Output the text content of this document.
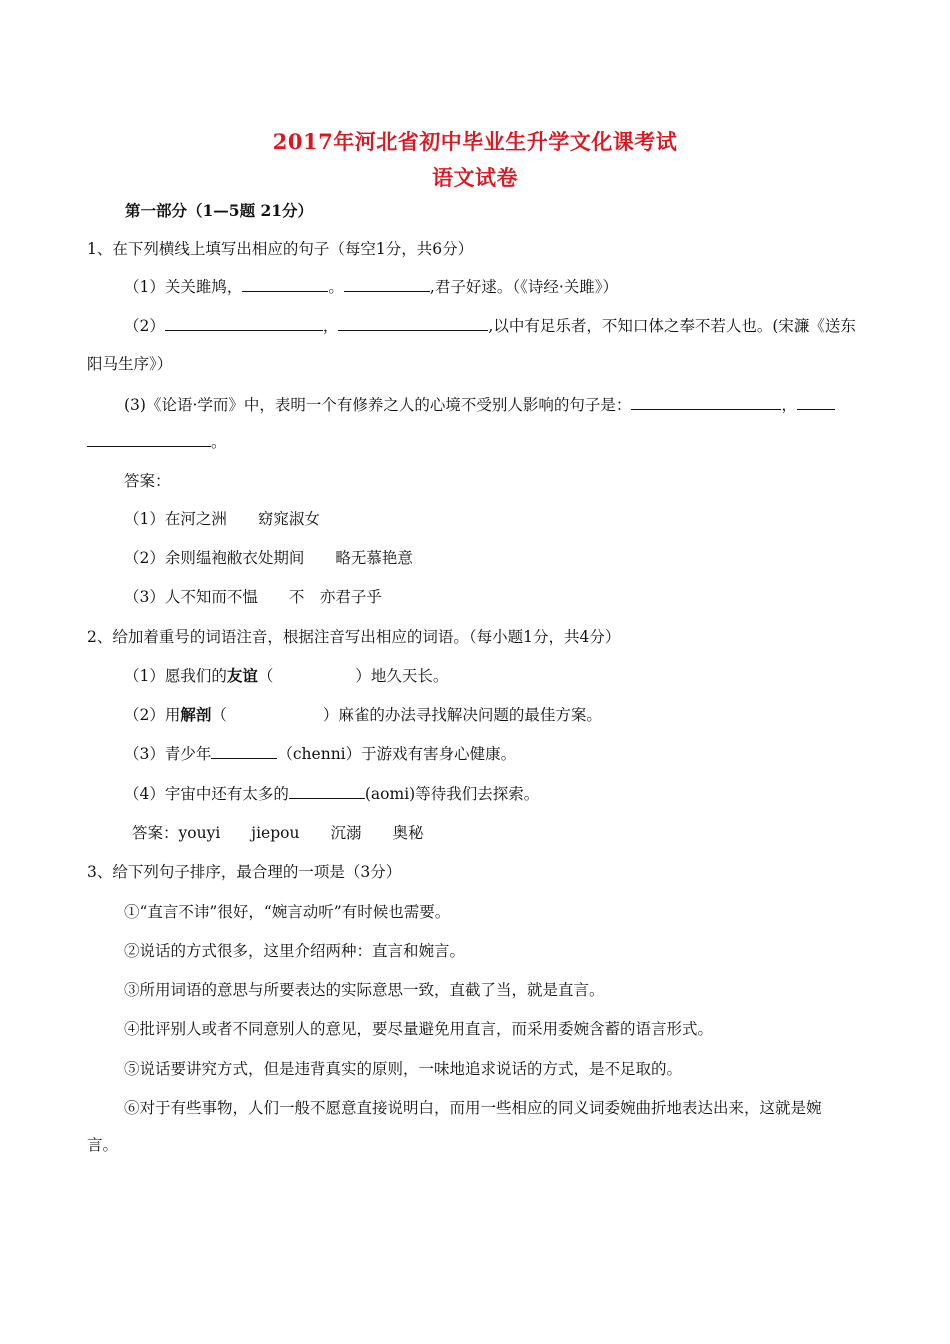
2017年河北省初中毕业生升学文化课考试
语文试卷
第一部分（1—5题 21分）
1、在下列横线上填写出相应的句子（每空1分，共6分）
（1）关关雎鸠，	。	,君子好逑。（《诗经·关雎》）
（2）	，	,以中有足乐者，不知口体之奉不若人也。(宋濂《送东
阳马生序》）
(3)《论语·学而》中，表明一个有修养之人的心境不受别人影响的句子是：	，
。
答案：
（1）在河之洲　　窈窕淑女
（2）余则缊袍敝衣处期间　　略无慕艳意
（3）人不知而不愠　　不　亦君子乎
2、给加着重号的词语注音，根据注音写出相应的词语。（每小题1分，共4分）
（1）愿我们的友谊（	）地久天长。
（2）用解剖（	）麻雀的办法寻找解决问题的最佳方案。
（3）青少年	（chenni）于游戏有害身心健康。
（4）宇宙中还有太多的	(aomi)等待我们去探索。
答案：youyi　　jiepou　　沉溺　　奥秘
3、给下列句子排序，最合理的一项是（3分）
①“直言不讳”很好，“婉言动听”有时候也需要。
②说话的方式很多，这里介绍两种：直言和婉言。
③所用词语的意思与所要表达的实际意思一致，直截了当，就是直言。
④批评别人或者不同意别人的意见，要尽量避免用直言，而采用委婉含蓄的语言形式。
⑤说话要讲究方式，但是违背真实的原则，一味地追求说话的方式，是不足取的。
⑥对于有些事物，人们一般不愿意直接说明白，而用一些相应的同义词委婉曲折地表达出来，这就是婉
言。
